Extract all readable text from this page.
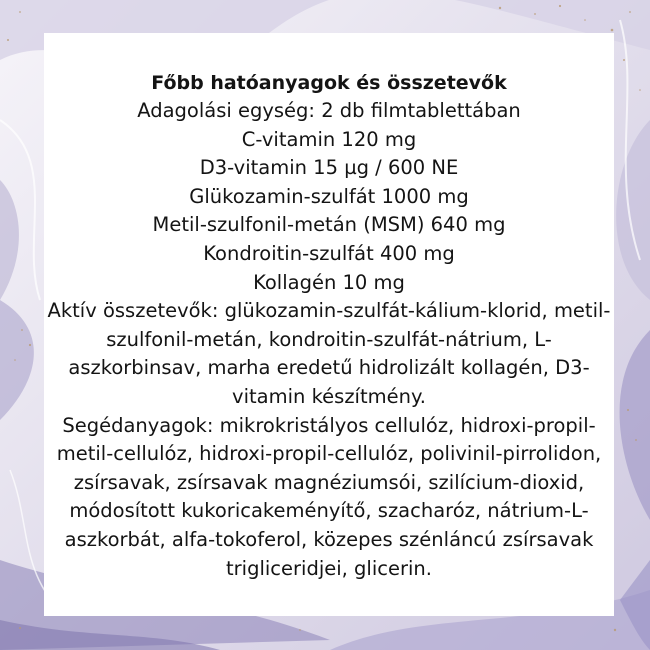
Főbb hatóanyagok és összetevők

Adagolási egység: 2 db filmtablettában

C-vitamin 120 mg

D3-vitamin 15 µg / 600 NE

Glükozamin-szulfát 1000 mg

Metil-szulfonil-metán (MSM) 640 mg

Kondroitin-szulfát 400 mg

Kollagén 10 mg

Aktív összetevők: glükozamin-szulfát-kálium-klorid, metil-szulfonil-metán, kondroitin-szulfát-nátrium, L-aszkorbinsav, marha eredetű hidrolizált kollagén, D3-vitamin készítmény.

Segédanyagok: mikrokristályos cellulóz, hidroxi-propil-metil-cellulóz, hidroxi-propil-cellulóz, polivinil-pirrolidon, zsírsavak, zsírsavak magnéziumsói, szilícium-dioxid, módosított kukoricakeményítő, szacharóz, nátrium-L-aszkorbát, alfa-tokoferol, közepes szénláncú zsírsavak trigliceridjei, glicerin.
